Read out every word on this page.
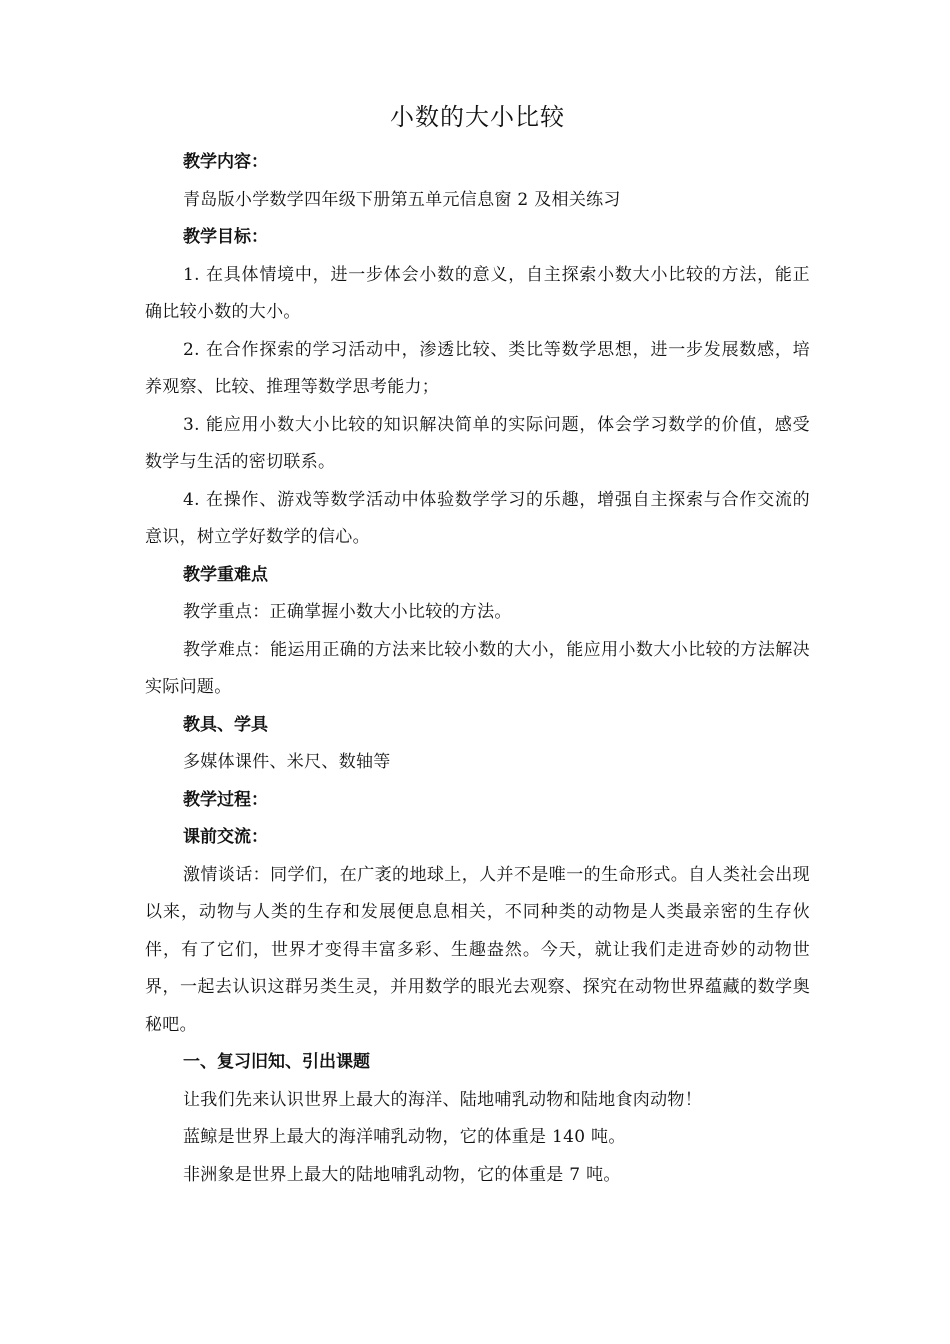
小数的大小比较

教学内容：

青岛版小学数学四年级下册第五单元信息窗 2 及相关练习

教学目标：

1. 在具体情境中，进一步体会小数的意义，自主探索小数大小比较的方法，能正确比较小数的大小。

2. 在合作探索的学习活动中，渗透比较、类比等数学思想，进一步发展数感，培养观察、比较、推理等数学思考能力；

3. 能应用小数大小比较的知识解决简单的实际问题，体会学习数学的价值，感受数学与生活的密切联系。

4. 在操作、游戏等数学活动中体验数学学习的乐趣，增强自主探索与合作交流的意识，树立学好数学的信心。

教学重难点

教学重点：正确掌握小数大小比较的方法。

教学难点：能运用正确的方法来比较小数的大小，能应用小数大小比较的方法解决实际问题。

教具、学具

多媒体课件、米尺、数轴等

教学过程：

课前交流：

激情谈话：同学们，在广袤的地球上，人并不是唯一的生命形式。自人类社会出现以来，动物与人类的生存和发展便息息相关，不同种类的动物是人类最亲密的生存伙伴，有了它们，世界才变得丰富多彩、生趣盎然。今天，就让我们走进奇妙的动物世界，一起去认识这群另类生灵，并用数学的眼光去观察、探究在动物世界蕴藏的数学奥秘吧。

一、复习旧知、引出课题

让我们先来认识世界上最大的海洋、陆地哺乳动物和陆地食肉动物！

蓝鲸是世界上最大的海洋哺乳动物，它的体重是 140 吨。

非洲象是世界上最大的陆地哺乳动物，它的体重是 7 吨。
